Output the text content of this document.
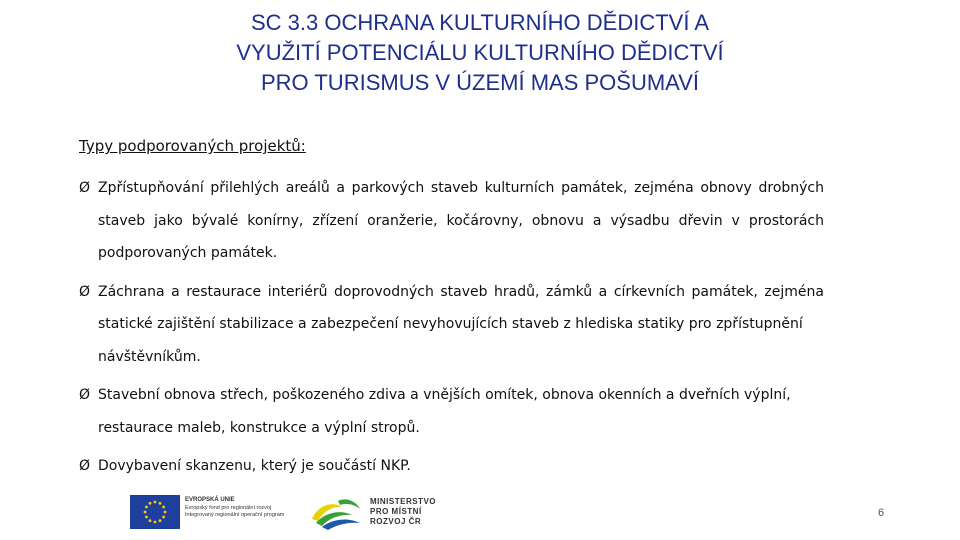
SC 3.3 OCHRANA KULTURNÍHO DĚDICTVÍ A
VYUŽITÍ POTENCIÁLU KULTURNÍHO DĚDICTVÍ
PRO TURISMUS V ÚZEMÍ MAS POŠUMAVÍ
Typy podporovaných projektů:
Ø Zpřístupňování přilehlých areálů a parkových staveb kulturních památek, zejména obnovy drobných
staveb jako bývalé konírny, zřízení oranžerie, kočárovny, obnovu a výsadbu dřevin v prostorách
podporovaných památek.
Ø Záchrana a restaurace interiérů doprovodných staveb hradů, zámků a církevních památek, zejména
statické zajištění stabilizace a zabezpečení nevyhovujících staveb z hlediska statiky pro zpřístupnění
návštěvníkům.
Ø Stavební obnova střech, poškozeného zdiva a vnějších omítek, obnova okenních a dveřních výplní,
restaurace maleb, konstrukce a výplní stropů.
Ø Dovybavení skanzenu, který je součástí NKP.
EVROPSKÁ UNIE
Evropský fond pro regionální rozvoj
Integrovaný regionální operační program
MINISTERSTVO
PRO MÍSTNÍ
ROZVOJ ČR
6
